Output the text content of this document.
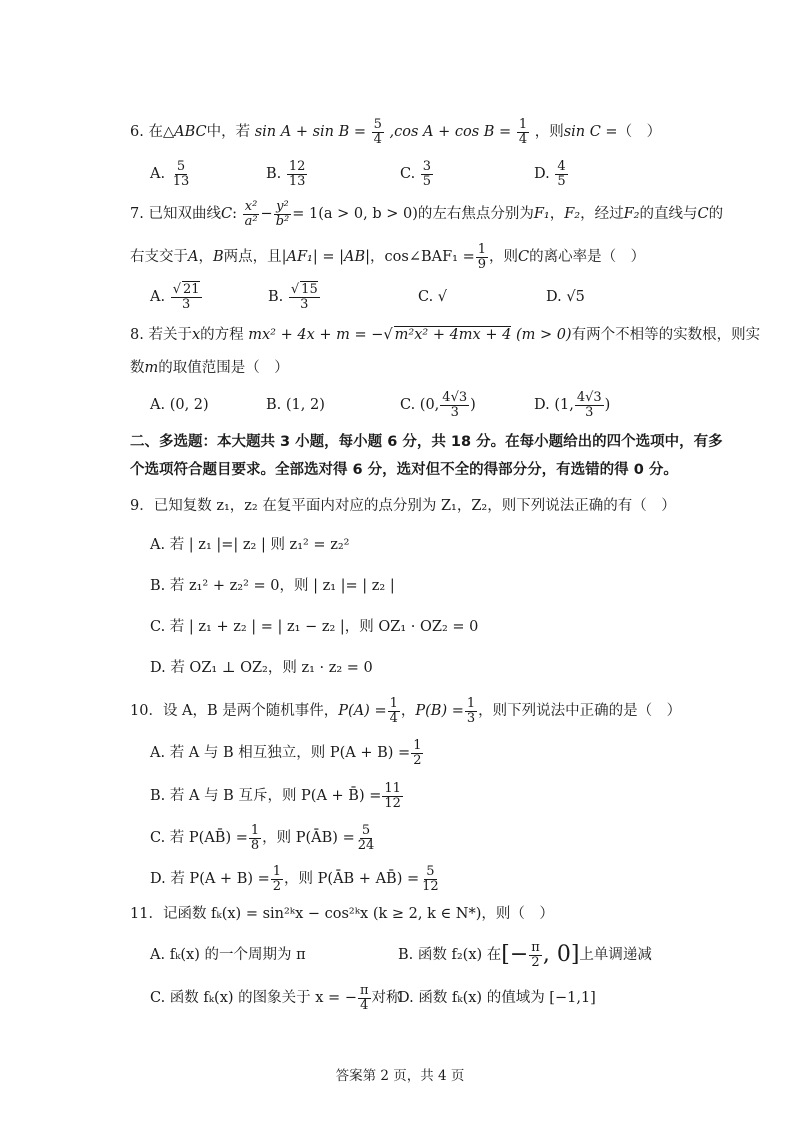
6. 在△ABC中，若 $\sin A + \sin B = \frac{5}{4} ,\cos$ $A + \cos B = \frac{1}{4}$ ，则sin C =（　）
A. $\frac{5}{13}$	B. $\frac{12}{13}$	C. $\frac{3}{5}$	D. $\frac{4}{5}$
7. 已知双曲线C: $\frac{\text{x²}}{\text{a²}} - \frac{\text{y²}}{\text{b²}} = 1(a > 0$, b > 0)的左右焦点分别为F₁，F₂，经过F₂的直线与C的
右支交于A，B两点，且|AF₁| = |AB|，cos∠BAF₁ = $\frac{1}{9}$ ，则C的离心率是（　）
A. $\frac{√ 21}{3}$	B. $\frac{√ 15}{3}$	C. √	D. √5
8. 若关于x的方程 mx² + 4x + m = −√ m²x² + 4mx + 4 (m > 0)有两个不相等的实数根，则实
数m的取值范围是（　）
A. (0, 2)	B. (1, 2)	C. (0, $\frac{4√3}{3}$ )	D. (1, $\frac{4√3}{3}$ )
二、多选题：本大题共 3 小题，每小题 6 分，共 18 分。在每小题给出的四个选项中，有多
个选项符合题目要求。全部选对得 6 分，选对但不全的得部分分，有选错的得 0 分。
9．已知复数 z₁，z₂ 在复平面内对应的点分别为 Z₁，Z₂，则下列说法正确的有（　）
A. 若 | z₁ |=| z₂ | 则 z₁² = z₂²
B. 若 z₁² + z₂² = 0，则 | z₁ |= | z₂ |
C. 若 | z₁ + z₂ | = | z₁ − z₂ |，则 OZ₁ · OZ₂ = 0
D. 若 OZ₁ ⊥ OZ₂，则 z₁ · z₂ = 0
10．设 A，B 是两个随机事件，$P(A) = \frac{1}{4}$ ，$P(B) = \frac{1}{3}$ ，则下列说法中正确的是（　）
A. 若 A 与 B 相互独立，则 $P(A + B) = \frac{1}{2}$
B. 若 A 与 B 互斥，则 P(A + B̄) = $\frac{11}{12}$
C. 若 P(AB̄) = $\frac{1}{8}$ ，则 P(ĀB) = $\frac{5}{24}$
D. 若 $P(A + B) = \frac{1}{2}$ ，则 P(ĀB + AB̄) = $\frac{5}{12}$
11．记函数 fₖ(x) = sin²ᵏx − cos²ᵏx (k ≥ 2, k ∈ N*)，则（　）
A. fₖ(x) 的一个周期为 π	B. 函数 f₂(x) 在[− $\frac{\pi}{2}$ , 0]上单调递减
C. 函数 fₖ(x) 的图象关于 x = − $\frac{\pi}{4}$ 对称
D. 函数 fₖ(x) 的值域为 [−1,1]
答案第 2 页，共 4 页
